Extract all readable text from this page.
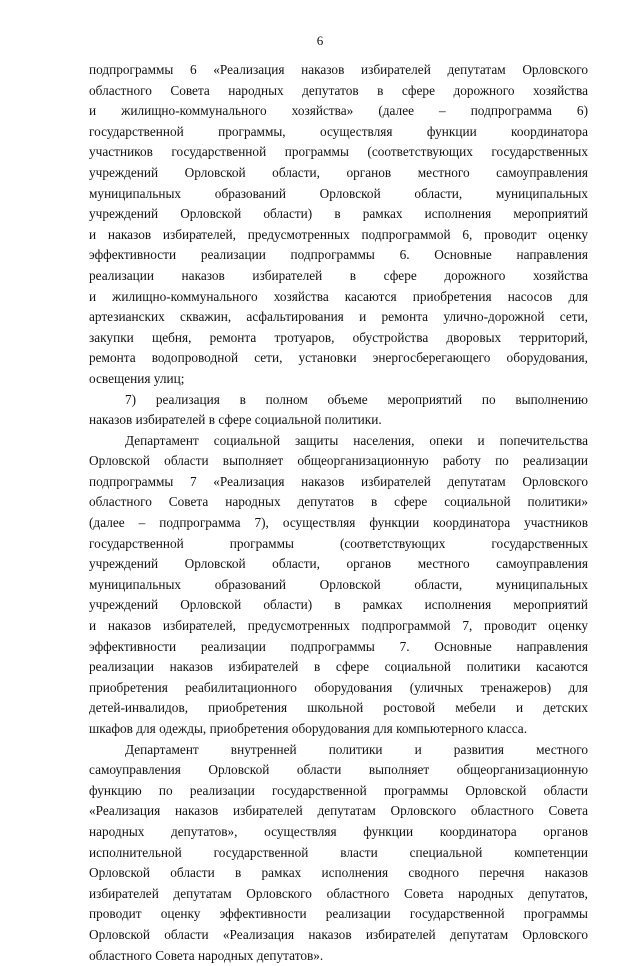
6
подпрограммы 6 «Реализация наказов избирателей депутатам Орловского
областного Совета народных депутатов в сфере дорожного хозяйства
и жилищно-коммунального хозяйства» (далее – подпрограмма 6)
государственной программы, осуществляя функции координатора
участников государственной программы (соответствующих государственных
учреждений Орловской области, органов местного самоуправления
муниципальных образований Орловской области, муниципальных
учреждений Орловской области) в рамках исполнения мероприятий
и наказов избирателей, предусмотренных подпрограммой 6, проводит оценку
эффективности реализации подпрограммы 6. Основные направления
реализации наказов избирателей в сфере дорожного хозяйства
и жилищно-коммунального хозяйства касаются приобретения насосов для
артезианских скважин, асфальтирования и ремонта улично-дорожной сети,
закупки щебня, ремонта тротуаров, обустройства дворовых территорий,
ремонта водопроводной сети, установки энергосберегающего оборудования,
освещения улиц;
7) реализация в полном объеме мероприятий по выполнению
наказов избирателей в сфере социальной политики.
Департамент социальной защиты населения, опеки и попечительства
Орловской области выполняет общеорганизационную работу по реализации
подпрограммы 7 «Реализация наказов избирателей депутатам Орловского
областного Совета народных депутатов в сфере социальной политики»
(далее – подпрограмма 7), осуществляя функции координатора участников
государственной программы (соответствующих государственных
учреждений Орловской области, органов местного самоуправления
муниципальных образований Орловской области, муниципальных
учреждений Орловской области) в рамках исполнения мероприятий
и наказов избирателей, предусмотренных подпрограммой 7, проводит оценку
эффективности реализации подпрограммы 7. Основные направления
реализации наказов избирателей в сфере социальной политики касаются
приобретения реабилитационного оборудования (уличных тренажеров) для
детей-инвалидов, приобретения школьной ростовой мебели и детских
шкафов для одежды, приобретения оборудования для компьютерного класса.
Департамент внутренней политики и развития местного
самоуправления Орловской области выполняет общеорганизационную
функцию по реализации государственной программы Орловской области
«Реализация наказов избирателей депутатам Орловского областного Совета
народных депутатов», осуществляя функции координатора органов
исполнительной государственной власти специальной компетенции
Орловской области в рамках исполнения сводного перечня наказов
избирателей депутатам Орловского областного Совета народных депутатов,
проводит оценку эффективности реализации государственной программы
Орловской области «Реализация наказов избирателей депутатам Орловского
областного Совета народных депутатов».
